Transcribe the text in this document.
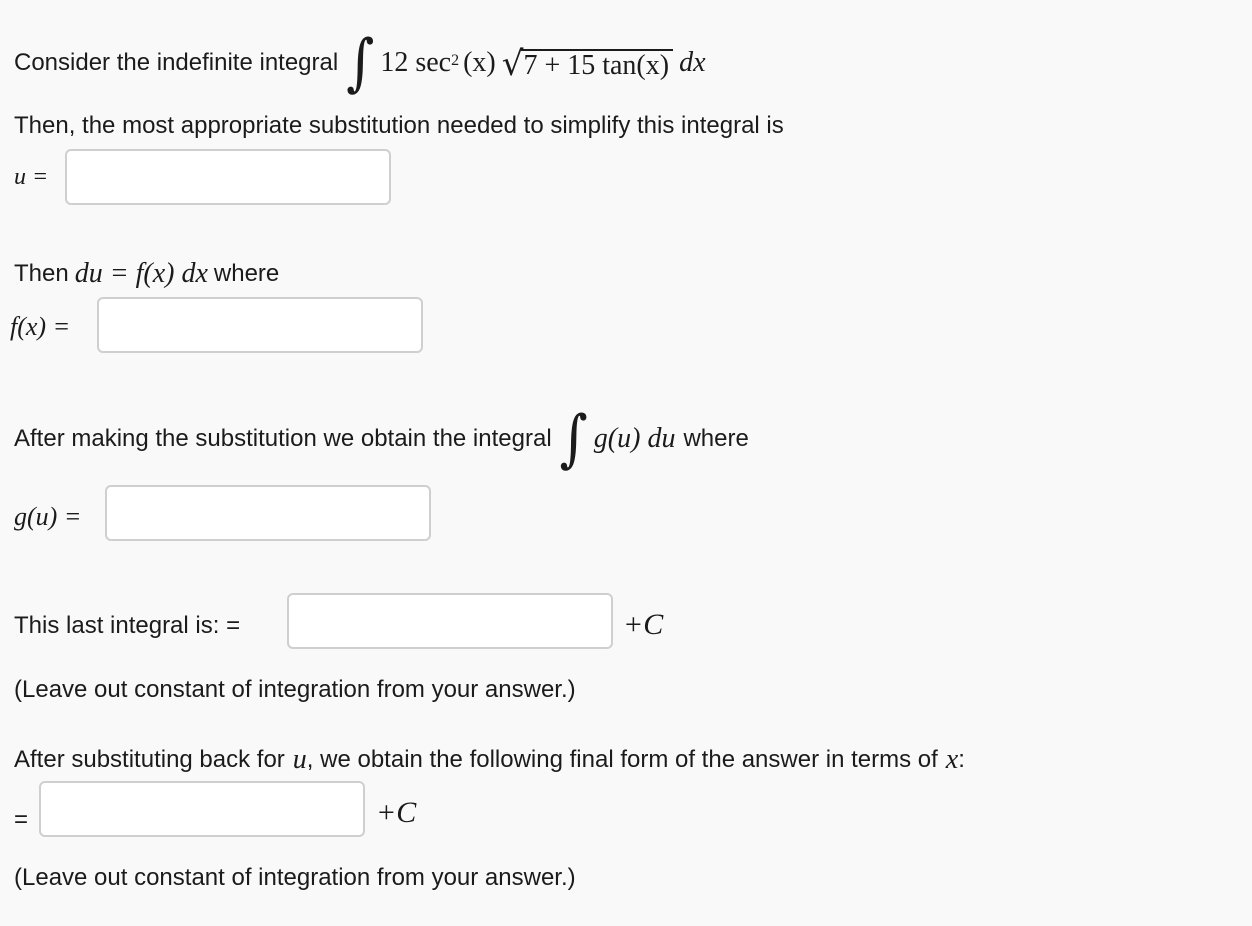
Consider the indefinite integral ∫ 12 $\sec^2 (x)$ √ 7 + 15 tan(x) dx
Then, the most appropriate substitution needed to simplify this integral is
u =
Then du = f(x) dx where
f(x) =
After making the substitution we obtain the integral ∫ g(u) du where
g(u) =
This last integral is: =	+C
(Leave out constant of integration from your answer.)
After substituting back for u , we obtain the following final form of the answer in terms of x :
=	+C
(Leave out constant of integration from your answer.)
